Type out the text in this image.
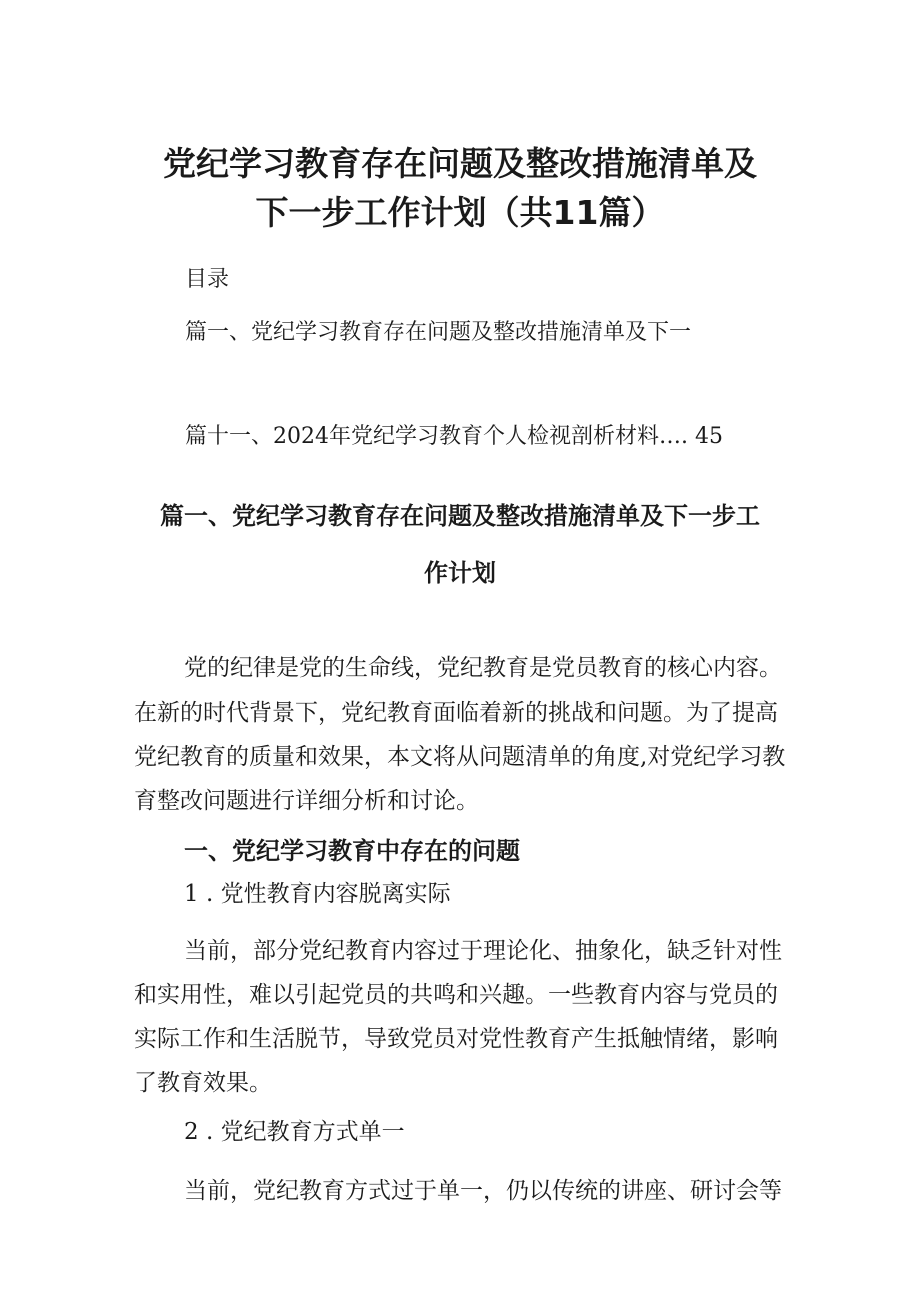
党纪学习教育存在问题及整改措施清单及
下一步工作计划（共11篇）
目录
篇一、党纪学习教育存在问题及整改措施清单及下一
篇十一、2024年党纪学习教育个人检视剖析材料…. 45
篇一、党纪学习教育存在问题及整改措施清单及下一步工
作计划
党的纪律是党的生命线，党纪教育是党员教育的核心内容。
在新的时代背景下，党纪教育面临着新的挑战和问题。为了提高
党纪教育的质量和效果，本文将从问题清单的角度,对党纪学习教
育整改问题进行详细分析和讨论。
一、党纪学习教育中存在的问题
1 . 党性教育内容脱离实际
当前，部分党纪教育内容过于理论化、抽象化，缺乏针对性
和实用性，难以引起党员的共鸣和兴趣。一些教育内容与党员的
实际工作和生活脱节，导致党员对党性教育产生抵触情绪，影响
了教育效果。
2 . 党纪教育方式单一
当前，党纪教育方式过于单一，仍以传统的讲座、研讨会等
